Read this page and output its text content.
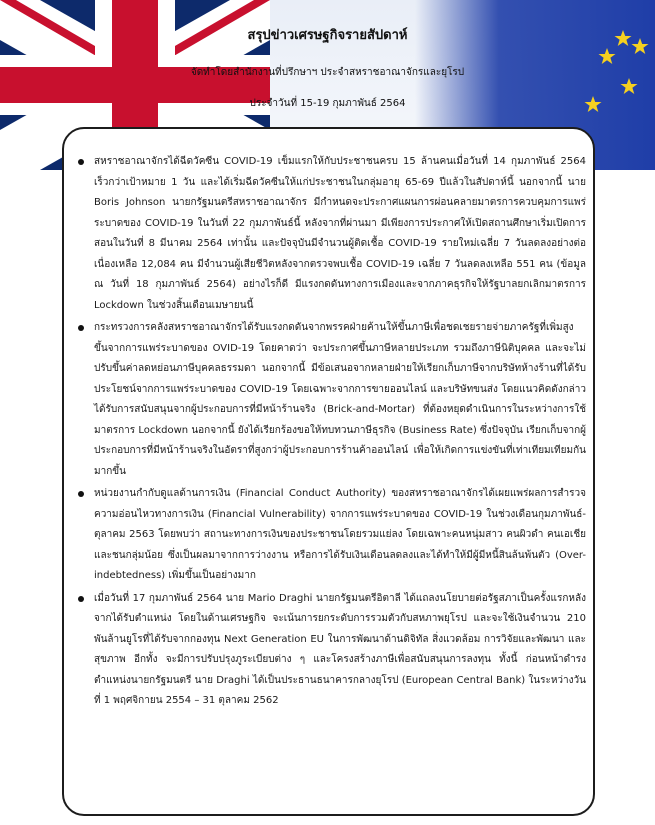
สรุปข่าวเศรษฐกิจรายสัปดาห์
จัดทำโดยสำนักงานที่ปรึกษาฯ ประจำสหราชอาณาจักรและยุโรป
ประจำวันที่ 15-19 กุมภาพันธ์ 2564
สหราชอาณาจักรได้ฉีดวัคซีน COVID-19 เข็มแรกให้กับประชาชนครบ 15 ล้านคนเมื่อวันที่ 14 กุมภาพันธ์ 2564 เร็วกว่าเป้าหมาย 1 วัน และได้เริ่มฉีดวัคซีนให้แก่ประชาชนในกลุ่มอายุ 65-69 ปีแล้วในสัปดาห์นี้ นอกจากนี้ นาย Boris Johnson นายกรัฐมนตรีสหราชอาณาจักร มีกำหนดจะประกาศแผนการผ่อนคลายมาตรการควบคุมการแพร่ระบาดของ COVID-19 ในวันที่ 22 กุมภาพันธ์นี้ หลังจากที่ผ่านมา มีเพียงการประกาศให้เปิดสถานศึกษาเริ่มเปิดการสอนในวันที่ 8 มีนาคม 2564 เท่านั้น และปัจจุบันมีจำนวนผู้ติดเชื้อ COVID-19 รายใหม่เฉลี่ย 7 วันลดลงอย่างต่อเนื่องเหลือ 12,084 คน มีจำนวนผู้เสียชีวิตหลังจากตรวจพบเชื้อ COVID-19 เฉลี่ย 7 วันลดลงเหลือ 551 คน (ข้อมูล ณ วันที่ 18 กุมภาพันธ์ 2564) อย่างไรก็ดี มีแรงกดดันทางการเมืองและจากภาคธุรกิจให้รัฐบาลยกเลิกมาตรการ Lockdown ในช่วงสิ้นเดือนเมษายนนี้
กระทรวงการคลังสหราชอาณาจักรได้รับแรงกดดันจากพรรคฝ่ายค้านให้ขึ้นภาษีเพื่อชดเชยรายจ่ายภาครัฐที่เพิ่มสูงขึ้นจากการแพร่ระบาดของ OVID-19 โดยคาดว่า จะประกาศขึ้นภาษีหลายประเภท รวมถึงภาษีนิติบุคคล และจะไม่ปรับขึ้นค่าลดหย่อนภาษีบุคคลธรรมดา นอกจากนี้ มีข้อเสนอจากหลายฝ่ายให้เรียกเก็บภาษีจากบริษัทห้างร้านที่ได้รับประโยชน์จากการแพร่ระบาดของ COVID-19 โดยเฉพาะจากการขายออนไลน์ และบริษัทขนส่ง โดยแนวคิดดังกล่าวได้รับการสนับสนุนจากผู้ประกอบการที่มีหน้าร้านจริง (Brick-and-Mortar) ที่ต้องหยุดดำเนินการในระหว่างการใช้มาตรการ Lockdown นอกจากนี้ ยังได้เรียกร้องขอให้ทบทวนภาษีธุรกิจ (Business Rate) ซึ่งปัจจุบัน เรียกเก็บจากผู้ประกอบการที่มีหน้าร้านจริงในอัตราที่สูงกว่าผู้ประกอบการร้านค้าออนไลน์ เพื่อให้เกิดการแข่งขันที่เท่าเทียมเทียมกันมากขึ้น
หน่วยงานกำกับดูแลด้านการเงิน (Financial Conduct Authority) ของสหราชอาณาจักรได้เผยแพร่ผลการสำรวจความอ่อนไหวทางการเงิน (Financial Vulnerability) จากการแพร่ระบาดของ COVID-19 ในช่วงเดือนกุมภาพันธ์-ตุลาคม 2563 โดยพบว่า สถานะทางการเงินของประชาชนโดยรวมแย่ลง โดยเฉพาะคนหนุ่มสาว คนผิวดำ คนเอเชีย และชนกลุ่มน้อย ซึ่งเป็นผลมาจากการว่างงาน หรือการได้รับเงินเดือนลดลงและได้ทำให้มีผู้มีหนี้สินล้นพ้นตัว (Over-indebtedness) เพิ่มขึ้นเป็นอย่างมาก
เมื่อวันที่ 17 กุมภาพันธ์ 2564 นาย Mario Draghi นายกรัฐมนตรีอิตาลี ได้แถลงนโยบายต่อรัฐสภาเป็นครั้งแรกหลังจากได้รับตำแหน่ง โดยในด้านเศรษฐกิจ จะเน้นการยกระดับการรวมตัวกับสหภาพยุโรป และจะใช้เงินจำนวน 210 พันล้านยูโรที่ได้รับจากกองทุน Next Generation EU ในการพัฒนาด้านดิจิทัล สิ่งแวดล้อม การวิจัยและพัฒนา และสุขภาพ อีกทั้ง จะมีการปรับปรุงภูระเบียบต่าง ๆ และโครงสร้างภาษีเพื่อสนับสนุนการลงทุน ทั้งนี้ ก่อนหน้าดำรงตำแหน่งนายกรัฐมนตรี นาย Draghi ได้เป็นประธานธนาคารกลางยุโรป (European Central Bank) ในระหว่างวันที่ 1 พฤศจิกายน 2554 – 31 ตุลาคม 2562
